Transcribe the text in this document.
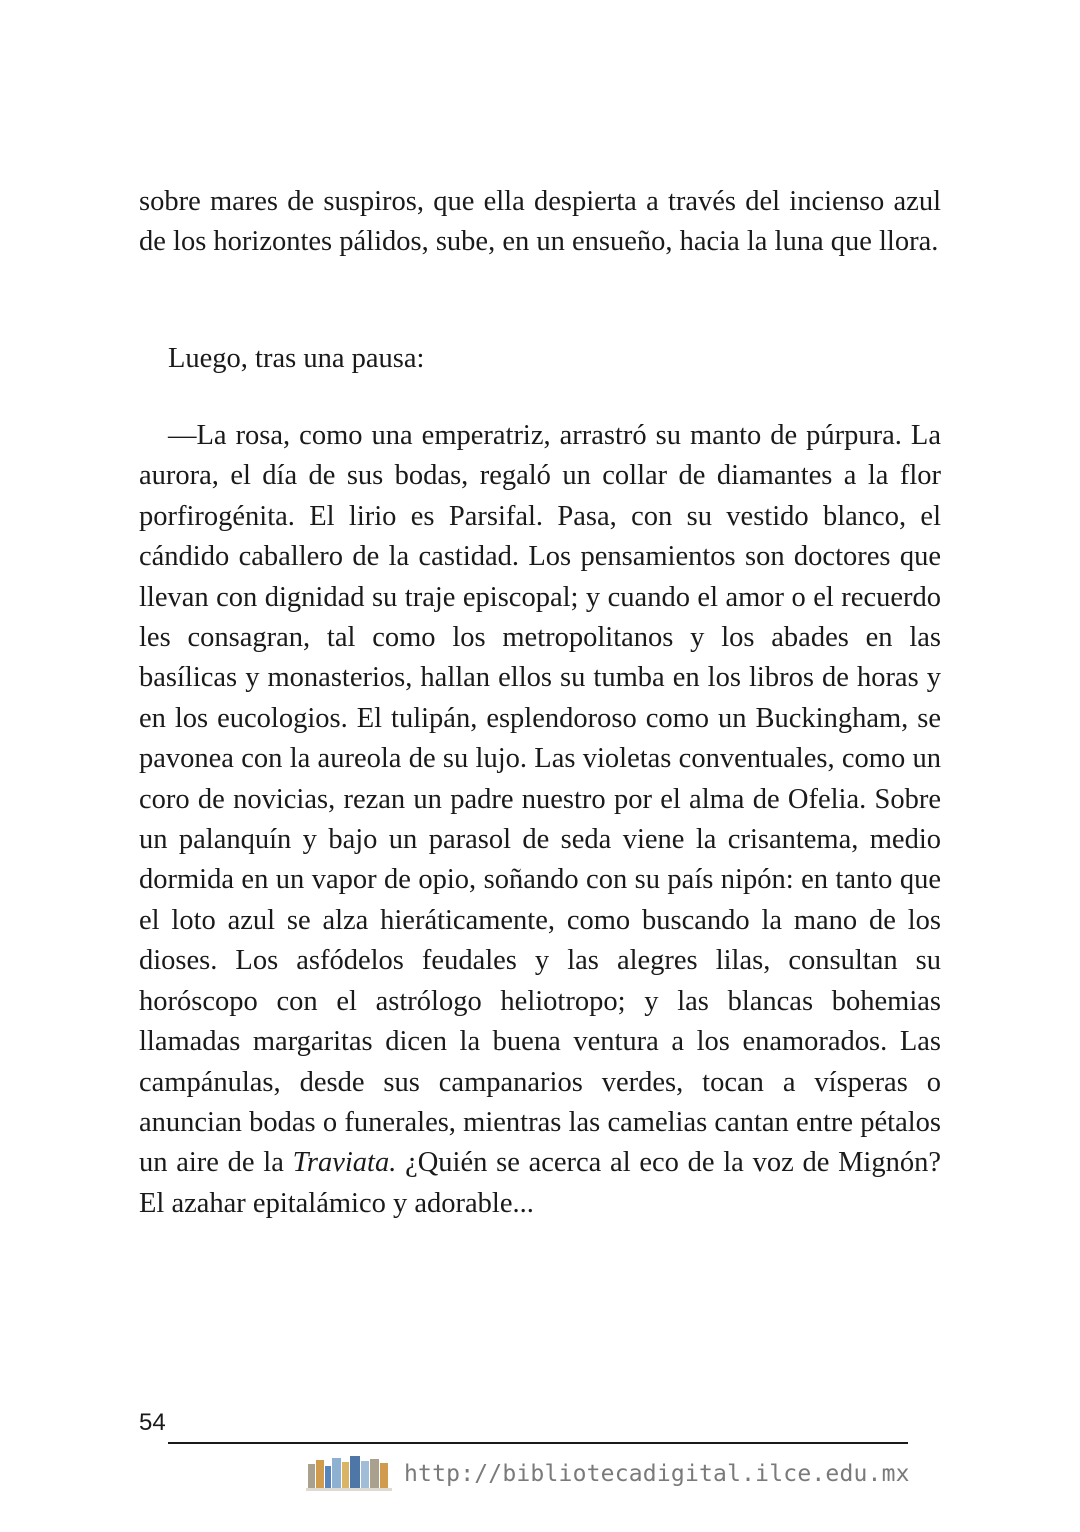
sobre mares de suspiros, que ella despierta a través del incienso azul de los horizontes pálidos, sube, en un ensueño, hacia la luna que llora.

Luego, tras una pausa:

—La rosa, como una emperatriz, arrastró su manto de púrpura. La aurora, el día de sus bodas, regaló un collar de diamantes a la flor porfirogénita. El lirio es Parsifal. Pasa, con su vestido blanco, el cándido caballero de la castidad. Los pensamientos son doctores que llevan con dignidad su traje episcopal; y cuando el amor o el recuerdo les consagran, tal como los metropolitanos y los abades en las basílicas y monasterios, hallan ellos su tumba en los libros de horas y en los eucologios. El tulipán, esplendoroso como un Buckingham, se pavonea con la aureola de su lujo. Las violetas conventuales, como un coro de novicias, rezan un padre nuestro por el alma de Ofelia. Sobre un palanquín y bajo un parasol de seda viene la crisantema, medio dormida en un vapor de opio, soñando con su país nipón: en tanto que el loto azul se alza hieráticamente, como buscando la mano de los dioses. Los asfódelos feudales y las alegres lilas, consultan su horóscopo con el astrólogo heliotropo; y las blancas bohemias llamadas margaritas dicen la buena ventura a los enamorados. Las campánulas, desde sus campanarios verdes, tocan a vísperas o anuncian bodas o funerales, mientras las camelias cantan entre pétalos un aire de la Traviata. ¿Quién se acerca al eco de la voz de Mignón? El azahar epitalámico y adorable...

54
http://bibliotecadigital.ilce.edu.mx
